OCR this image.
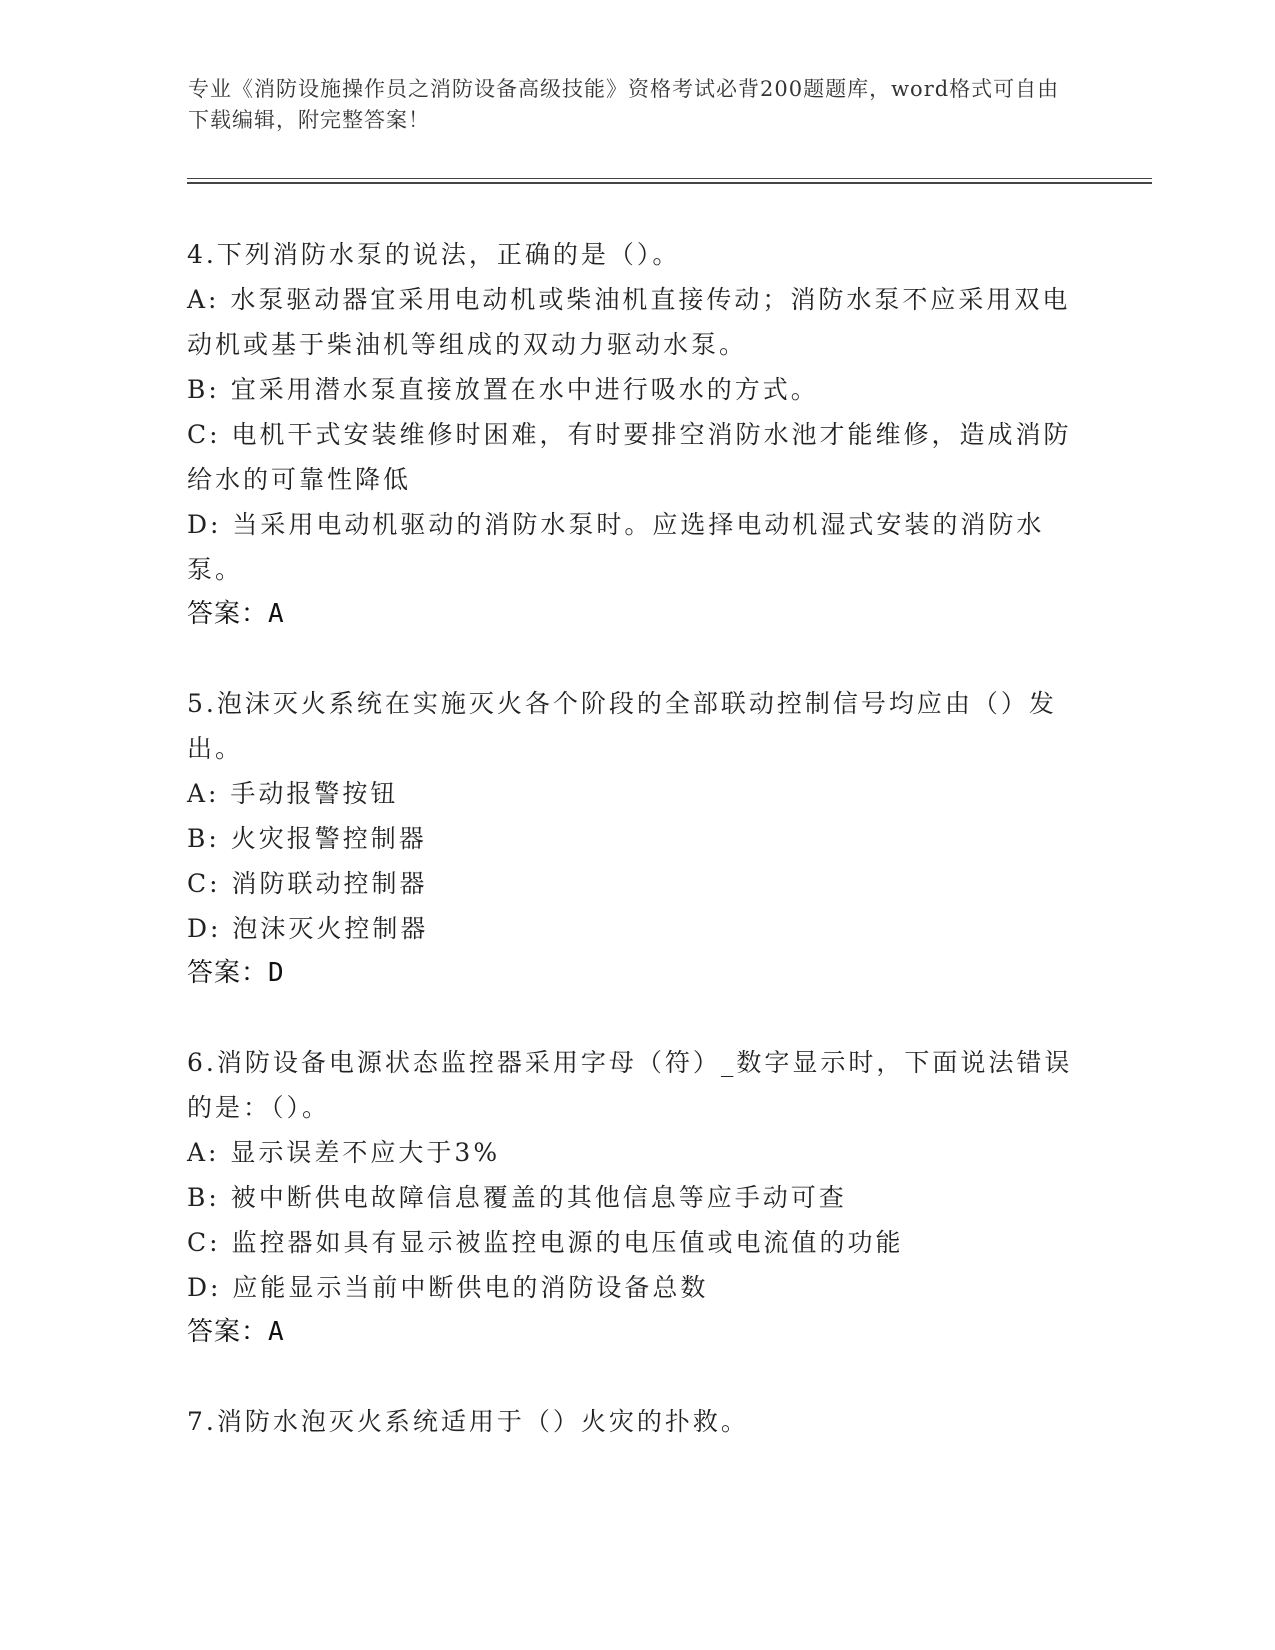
专业《消防设施操作员之消防设备高级技能》资格考试必背200题题库，word格式可自由下载编辑，附完整答案！

4.下列消防水泵的说法，正确的是（）。

A: 水泵驱动器宜采用电动机或柴油机直接传动；消防水泵不应采用双电动机或基于柴油机等组成的双动力驱动水泵。

B: 宜采用潜水泵直接放置在水中进行吸水的方式。

C: 电机干式安装维修时困难，有时要排空消防水池才能维修，造成消防给水的可靠性降低

D: 当采用电动机驱动的消防水泵时。应选择电动机湿式安装的消防水泵。

答案：A

5.泡沫灭火系统在实施灭火各个阶段的全部联动控制信号均应由（）发出。

A: 手动报警按钮

B: 火灾报警控制器

C: 消防联动控制器

D: 泡沫灭火控制器

答案：D

6.消防设备电源状态监控器采用字母（符）_数字显示时，下面说法错误的是：（）。

A: 显示误差不应大于3%

B: 被中断供电故障信息覆盖的其他信息等应手动可查

C: 监控器如具有显示被监控电源的电压值或电流值的功能

D: 应能显示当前中断供电的消防设备总数

答案：A

7.消防水泡灭火系统适用于（）火灾的扑救。
